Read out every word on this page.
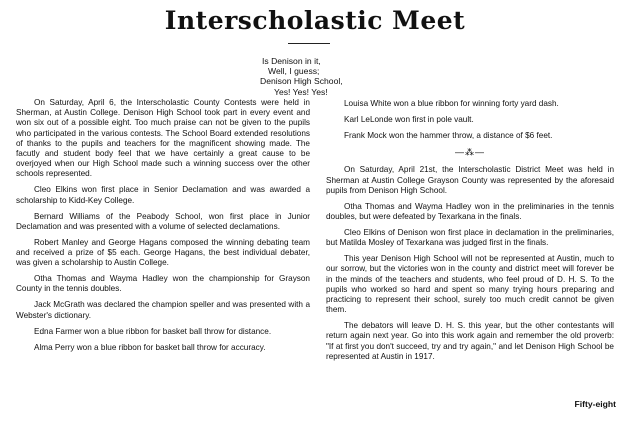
Interscholastic Meet
Is Denison in it,
Well, I guess;
Denison High School,
Yes! Yes! Yes!

On Saturday, April 6, the Interscholastic County Contests were held in Sherman, at Austin College. Denison High School took part in every event and won six out of a possible eight. Too much praise can not be given to the pupils who participated in the various contests. The School Board extended resolutions of thanks to the pupils and teachers for the magnificent showing made. The facutly and student body feel that we have certainly a great cause to be overjoyed when our High School made such a winning success over the other schools represented.

Cleo Elkins won first place in Senior Declamation and was awarded a scholarship to Kidd-Key College.

Bernard Williams of the Peabody School, won first place in Junior Declamation and was presented with a volume of selected declamations.

Robert Manley and George Hagans composed the winning debating team and received a prize of $5 each. George Hagans, the best individual debater, was given a scholarship to Austin College.

Otha Thomas and Wayma Hadley won the championship for Grayson County in the tennis doubles.

Jack McGrath was declared the champion speller and was presented with a Webster's dictionary.

Edna Farmer won a blue ribbon for basket ball throw for distance.

Alma Perry won a blue ribbon for basket ball throw for accuracy.

Louisa White won a blue ribbon for winning forty yard dash.

Karl LeLonde won first in pole vault.

Frank Mock won the hammer throw, a distance of $6 feet.

—⁂—

On Saturday, April 21st, the Interscholastic District Meet was held in Sherman at Austin College Grayson County was represented by the aforesaid pupils from Denison High School.

Otha Thomas and Wayma Hadley won in the preliminaries in the tennis doubles, but were defeated by Texarkana in the finals.

Cleo Elkins of Denison won first place in declamation in the preliminaries, but Matilda Mosley of Texarkana was judged first in the finals.

This year Denison High School will not be represented at Austin, much to our sorrow, but the victories won in the county and district meet will forever be in the minds of the teachers and students, who feel proud of D. H. S. To the pupils who worked so hard and spent so many trying hours preparing and practicing to represent their school, surely too much credit cannot be given them.

The debators will leave D. H. S. this year, but the other contestants will return again next year. Go into this work again and remember the old proverb: "If at first you don't succeed, try and try again," and let Denison High School be represented at Austin in 1917.

Fifty-eight
